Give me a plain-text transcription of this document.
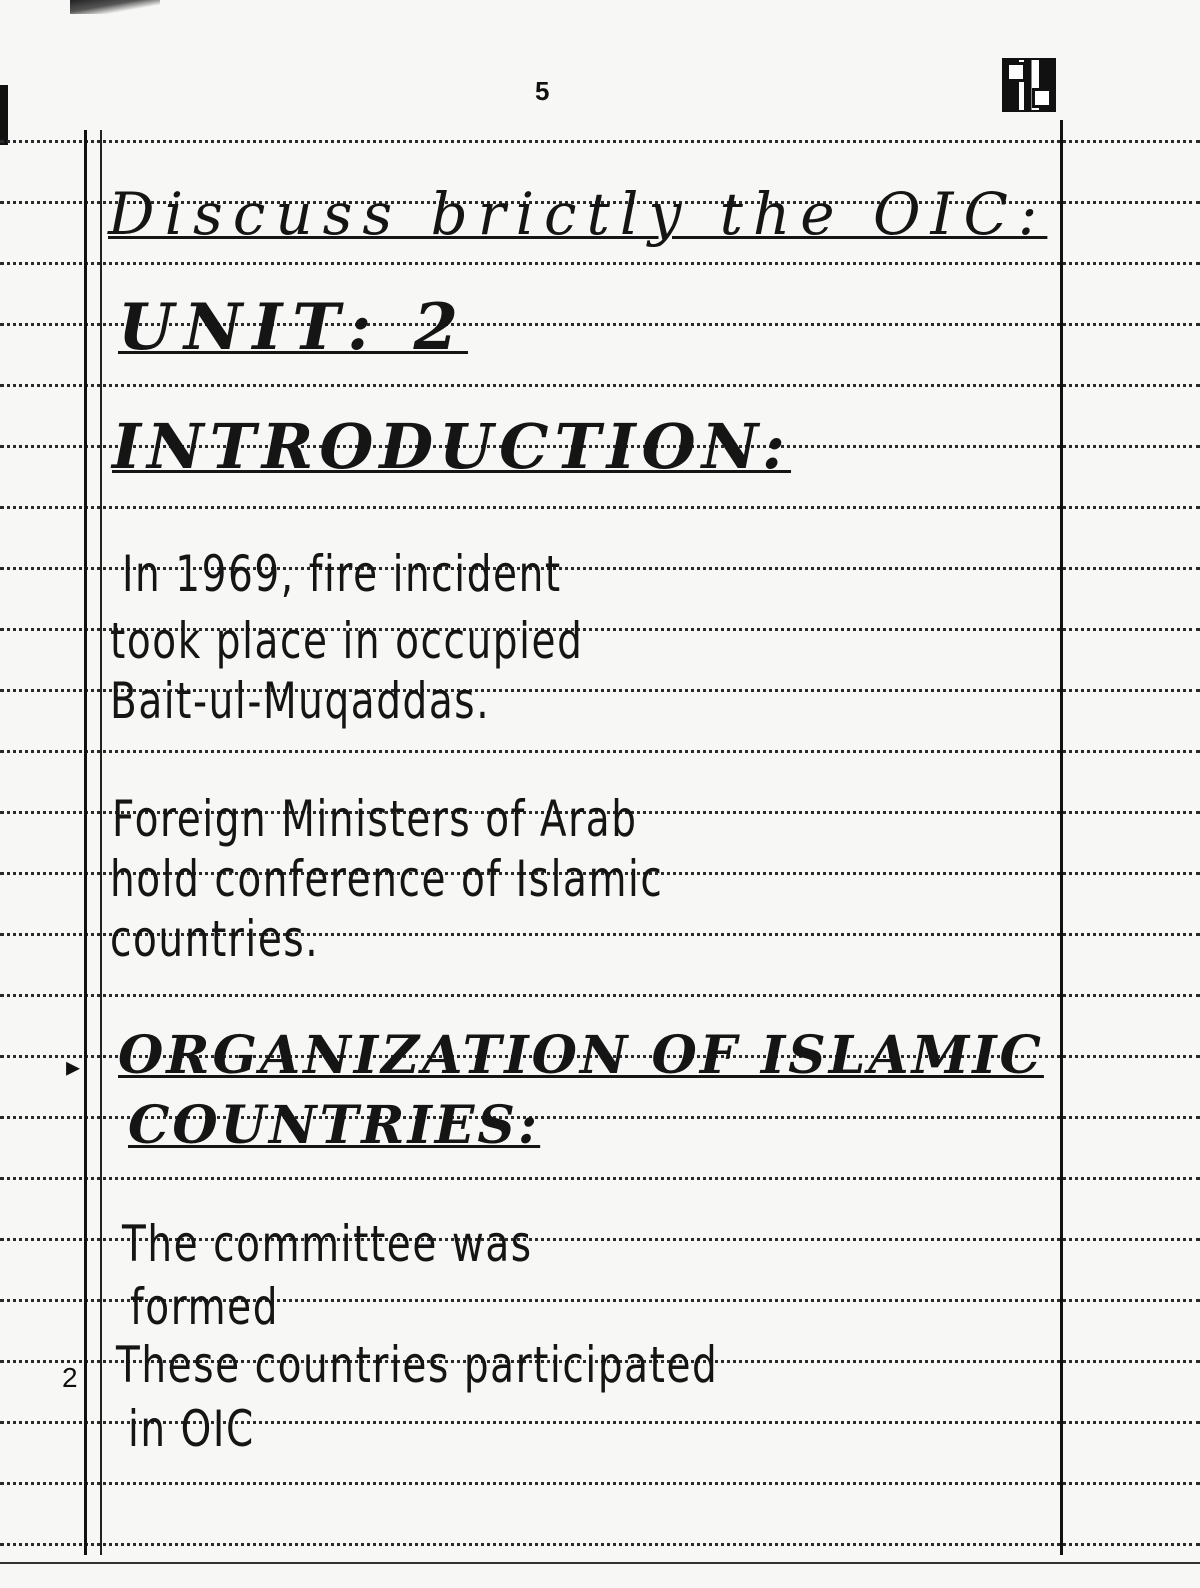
5
Discuss brictly the OIC:
UNIT: 2
INTRODUCTION:
In 1969, fire incident
took place in occupied
Bait-ul-Muqaddas.
Foreign Ministers of Arab
hold conference of Islamic
countries.
ORGANIZATION OF ISLAMIC
COUNTRIES:
The committee was
formed
These countries participated
in OIC
▸
2
